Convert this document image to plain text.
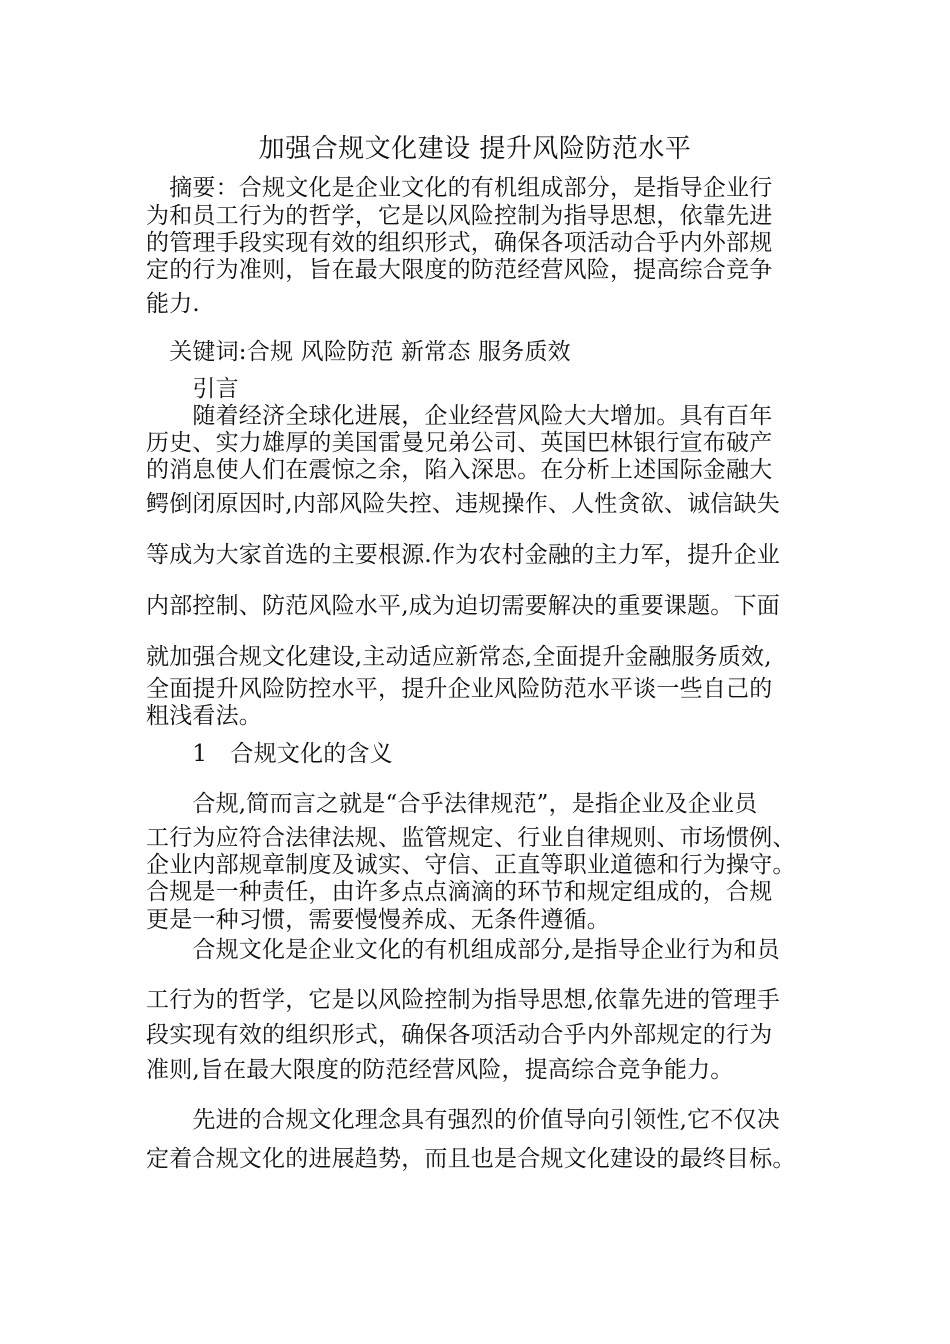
加强合规文化建设 提升风险防范水平
　摘要：合规文化是企业文化的有机组成部分，是指导企业行
为和员工行为的哲学，它是以风险控制为指导思想，依靠先进
的管理手段实现有效的组织形式，确保各项活动合乎内外部规
定的行为准则，旨在最大限度的防范经营风险，提高综合竞争
能力.
　关键词:合规 风险防范 新常态 服务质效
　　引言
　　随着经济全球化进展，企业经营风险大大增加。具有百年
历史、实力雄厚的美国雷曼兄弟公司、英国巴林银行宣布破产
的消息使人们在震惊之余，陷入深思。在分析上述国际金融大
鳄倒闭原因时,内部风险失控、违规操作、人性贪欲、诚信缺失
等成为大家首选的主要根源.作为农村金融的主力军，提升企业
内部控制、防范风险水平,成为迫切需要解决的重要课题。下面
就加强合规文化建设,主动适应新常态,全面提升金融服务质效,
全面提升风险防控水平，提升企业风险防范水平谈一些自己的
粗浅看法。
　　1　合规文化的含义
　　合规,简而言之就是“合乎法律规范”，是指企业及企业员
工行为应符合法律法规、监管规定、行业自律规则、市场惯例、
企业内部规章制度及诚实、守信、正直等职业道德和行为操守。
合规是一种责任，由许多点点滴滴的环节和规定组成的，合规
更是一种习惯，需要慢慢养成、无条件遵循。
　　合规文化是企业文化的有机组成部分,是指导企业行为和员
工行为的哲学，它是以风险控制为指导思想,依靠先进的管理手
段实现有效的组织形式，确保各项活动合乎内外部规定的行为
准则,旨在最大限度的防范经营风险，提高综合竞争能力。
　　先进的合规文化理念具有强烈的价值导向引领性,它不仅决
定着合规文化的进展趋势，而且也是合规文化建设的最终目标。
